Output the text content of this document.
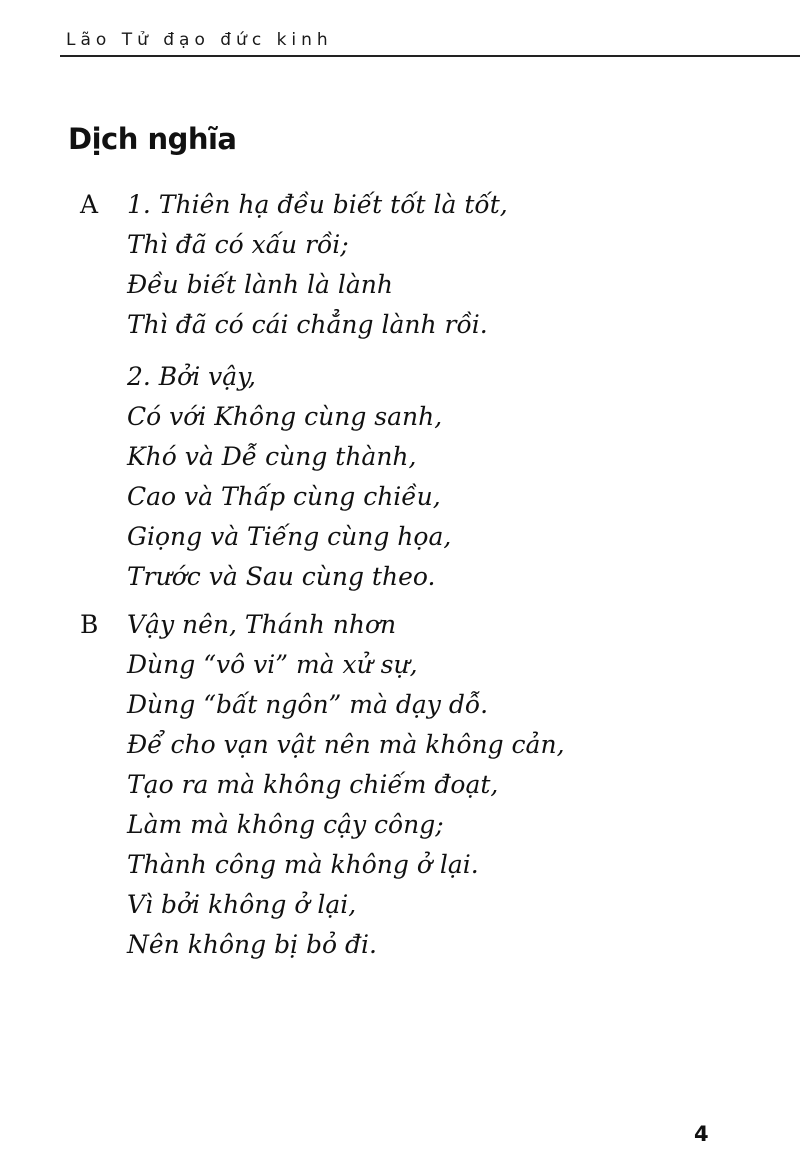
Lão Tử đạo đức kinh
Dịch nghĩa
A 1. Thiên hạ đều biết tốt là tốt,
Thì đã có xấu rồi;
Đều biết lành là lành
Thì đã có cái chẳng lành rồi.

2. Bởi vậy,
Có với Không cùng sanh,
Khó và Dễ cùng thành,
Cao và Thấp cùng chiều,
Giọng và Tiếng cùng họa,
Trước và Sau cùng theo.

B Vậy nên, Thánh nhơn
Dùng “vô vi” mà xử sự,
Dùng “bất ngôn” mà dạy dỗ.
Để cho vạn vật nên mà không cản,
Tạo ra mà không chiếm đoạt,
Làm mà không cậy công;
Thành công mà không ở lại.
Vì bởi không ở lại,
Nên không bị bỏ đi.

4
